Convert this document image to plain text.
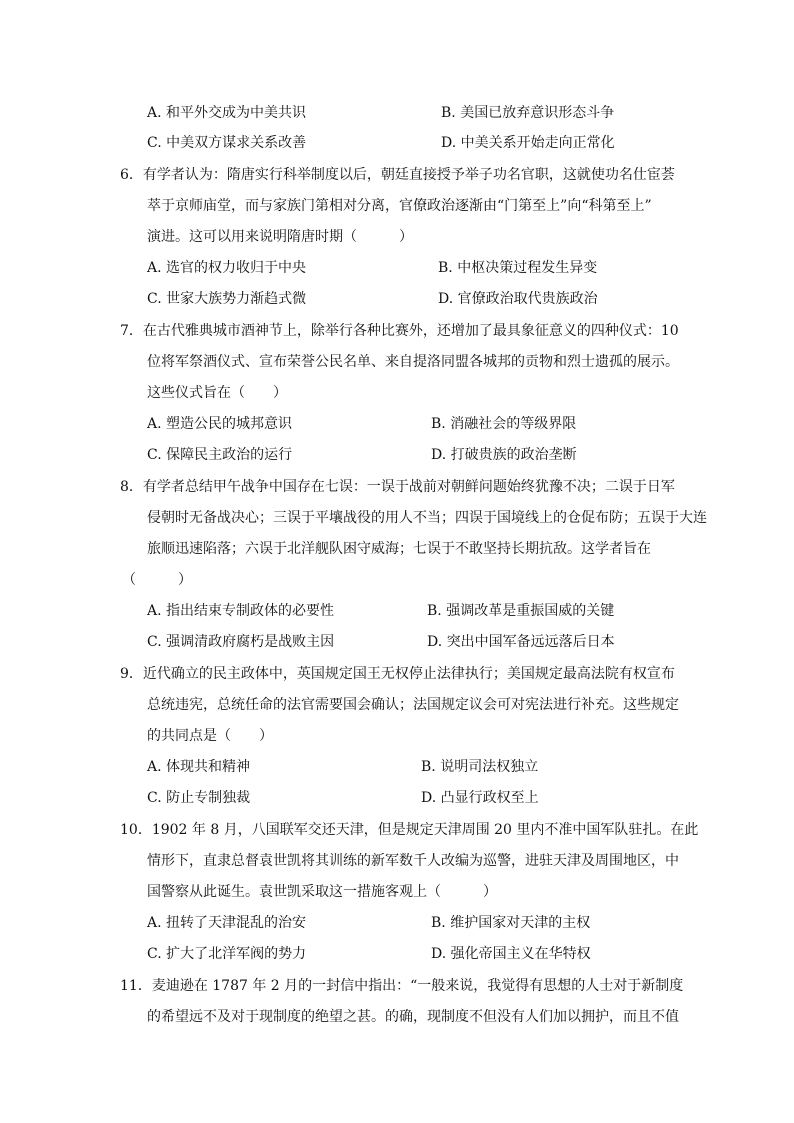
A. 和平外交成为中美共识	B. 美国已放弃意识形态斗争
C. 中美双方谋求关系改善	D. 中美关系开始走向正常化
6．有学者认为：隋唐实行科举制度以后，朝廷直接授予举子功名官职，这就使功名仕宦荟
萃于京师庙堂，而与家族门第相对分离，官僚政治逐渐由“门第至上”向“科第至上”
演进。这可以用来说明隋唐时期（　　　）
A. 选官的权力收归于中央	B. 中枢决策过程发生异变
C. 世家大族势力渐趋式微	D. 官僚政治取代贵族政治
7．在古代雅典城市酒神节上，除举行各种比赛外，还增加了最具象征意义的四种仪式：10
位将军祭酒仪式、宣布荣誉公民名单、来自提洛同盟各城邦的贡物和烈士遗孤的展示。
这些仪式旨在（　　）
A. 塑造公民的城邦意识	B. 消融社会的等级界限
C. 保障民主政治的运行	D. 打破贵族的政治垄断
8．有学者总结甲午战争中国存在七误：一误于战前对朝鲜问题始终犹豫不决；二误于日军
侵朝时无备战决心；三误于平壤战役的用人不当；四误于国境线上的仓促布防；五误于大连
旅顺迅速陷落；六误于北洋舰队困守威海；七误于不敢坚持长期抗敌。这学者旨在
（　　　）
A. 指出结束专制政体的必要性	B. 强调改革是重振国威的关键
C. 强调清政府腐朽是战败主因	D. 突出中国军备远远落后日本
9．近代确立的民主政体中，英国规定国王无权停止法律执行；美国规定最高法院有权宣布
总统违宪，总统任命的法官需要国会确认；法国规定议会可对宪法进行补充。这些规定
的共同点是（　　）
A. 体现共和精神	B. 说明司法权独立
C. 防止专制独裁	D. 凸显行政权至上
10．1902 年 8 月，八国联军交还天津，但是规定天津周围 20 里内不准中国军队驻扎。在此
情形下，直隶总督袁世凯将其训练的新军数千人改编为巡警，进驻天津及周围地区，中
国警察从此诞生。袁世凯采取这一措施客观上（　　　）
A. 扭转了天津混乱的治安	B. 维护国家对天津的主权
C. 扩大了北洋军阀的势力	D. 强化帝国主义在华特权
11．麦迪逊在 1787 年 2 月的一封信中指出：“一般来说，我觉得有思想的人士对于新制度
的希望远不及对于现制度的绝望之甚。的确，现制度不但没有人们加以拥护，而且不值
